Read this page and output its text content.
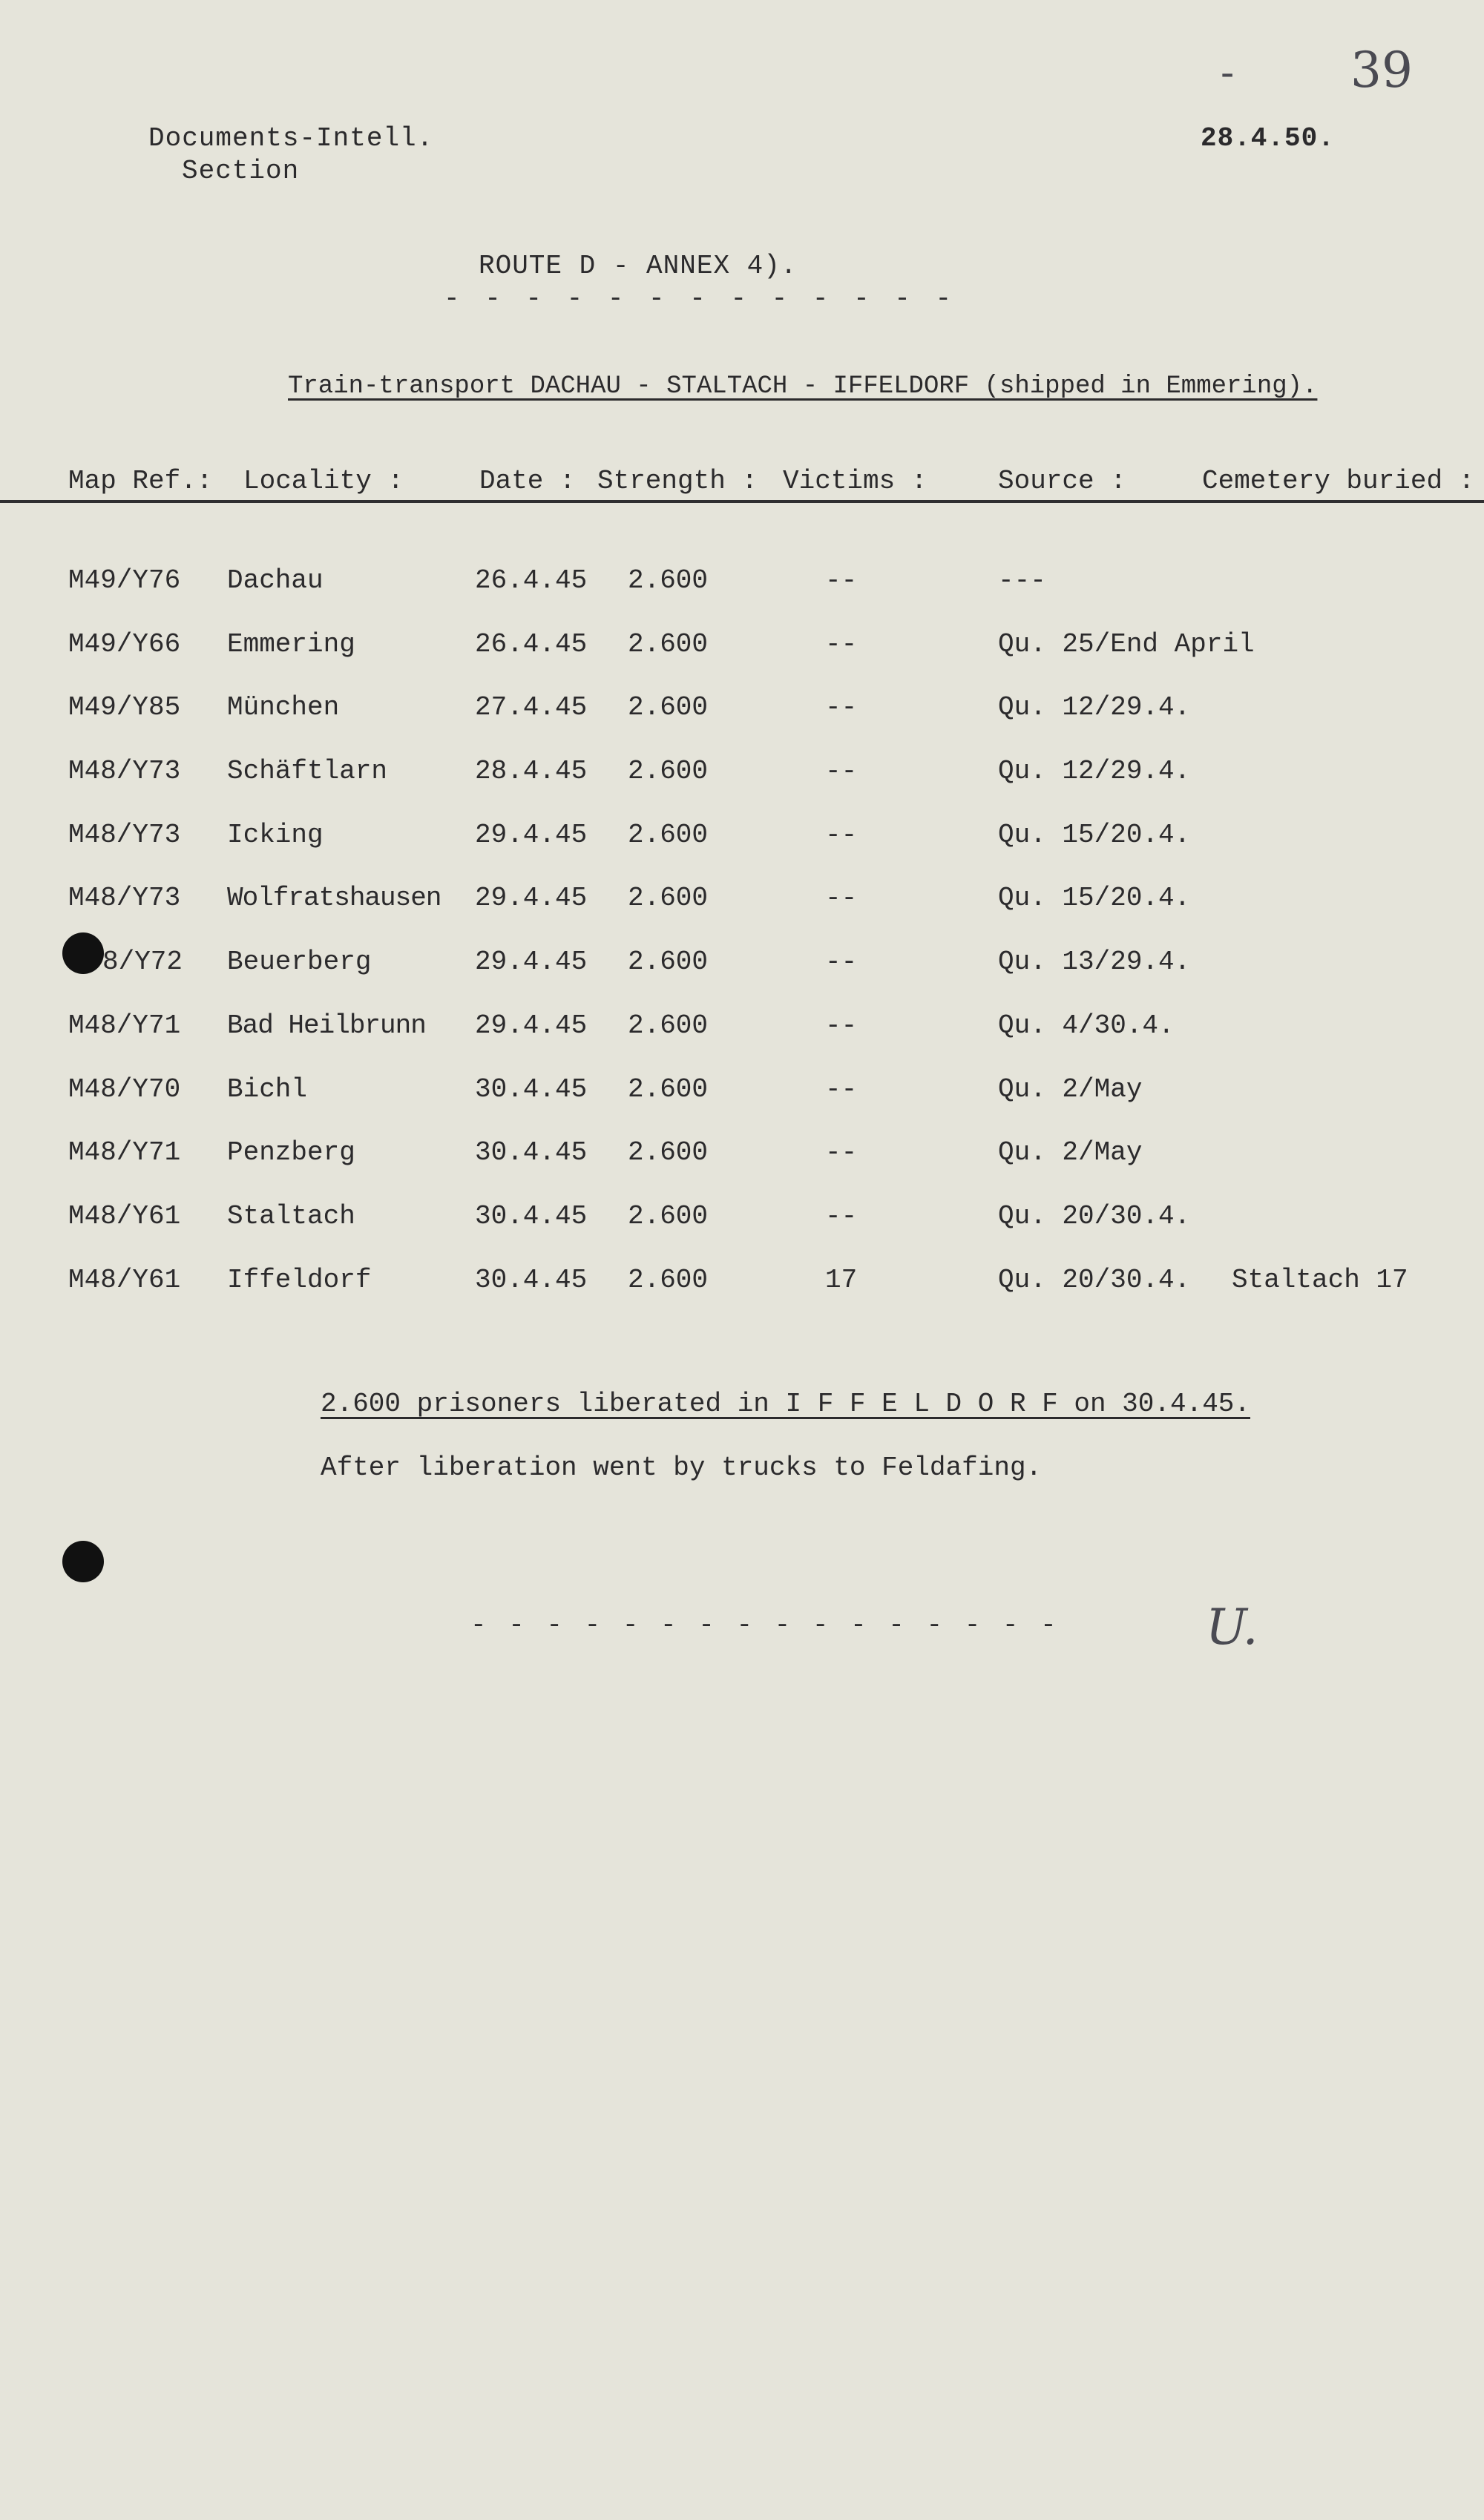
Documents-Intell.
Section
28.4.50.
- 39
ROUTE D - ANNEX 4).
- - - - - - - - - - - - -
Train-transport DACHAU - STALTACH - IFFELDORF (shipped in Emmering).
Map Ref.: Locality :	Date : Strength : Victims :	Source :	Cemetery buried :
M49/Y76 Dachau	26.4.45 2.600	--	---
M49/Y66 Emmering	26.4.45 2.600	--	Qu. 25/End April
M49/Y85 München	27.4.45 2.600	--	Qu. 12/29.4.
M48/Y73 Schäftlarn	28.4.45 2.600	--	Qu. 12/29.4.
M48/Y73 Icking	29.4.45 2.600	--	Qu. 15/20.4.
M48/Y73 Wolfratshausen 29.4.45 2.600	--	Qu. 15/20.4.
8/Y72 Beuerberg	29.4.45 2.600	--	Qu. 13/29.4.
M48/Y71 Bad Heilbrunn 29.4.45 2.600	--	Qu. 4/30.4.
M48/Y70 Bichl	30.4.45 2.600	--	Qu. 2/May
M48/Y71 Penzberg	30.4.45 2.600	--	Qu. 2/May
M48/Y61 Staltach	30.4.45 2.600	--	Qu. 20/30.4.
M48/Y61 Iffeldorf	30.4.45 2.600	17	Qu. 20/30.4. Staltach 17
2.600 prisoners liberated in I F F E L D O R F on 30.4.45.
After liberation went by trucks to Feldafing.
- - - - - - - - - - - - - - - -	U.
